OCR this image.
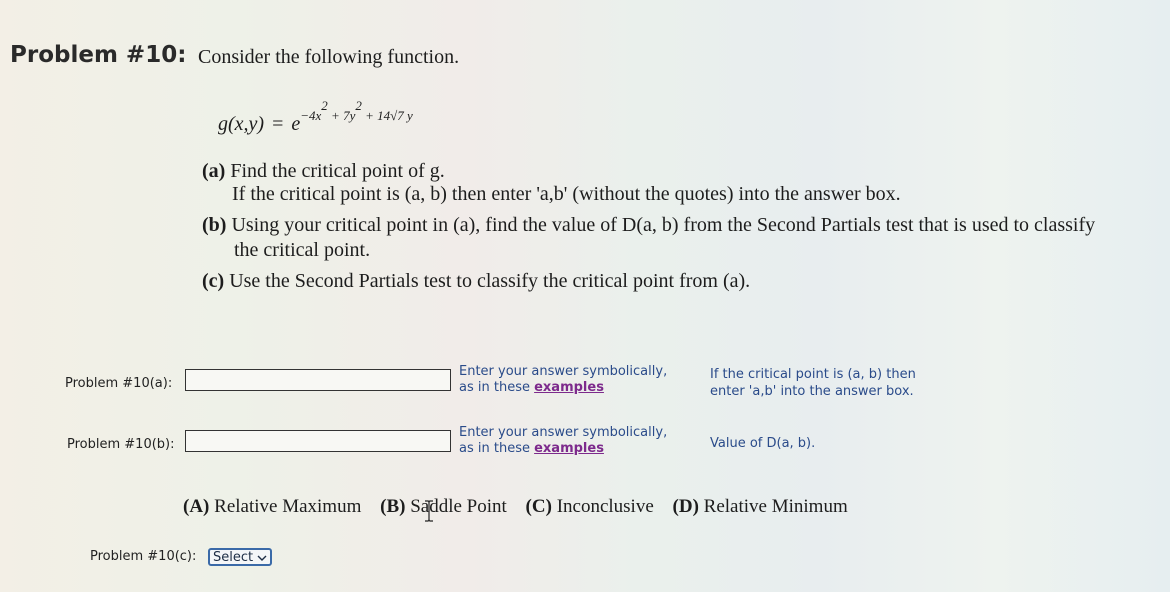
Problem #10: Consider the following function.
$g(x,y) = e^{-4x^2 + 7y^2 + 14√7 y}$
(a) Find the critical point of g.
If the critical point is (a, b) then enter 'a,b' (without the quotes) into the answer box.
(b) Using your critical point in (a), find the value of D(a, b) from the Second Partials test that is used to classify
the critical point.
(c) Use the Second Partials test to classify the critical point from (a).
Problem #10(a):
Enter your answer symbolically,
as in these examples
If the critical point is (a, b) then
enter 'a,b' into the answer box.
Problem #10(b):
Enter your answer symbolically,
as in these examples	Value of D(a, b).
(A) Relative Maximum (B) Saddle Point (C) Inconclusive (D) Relative Minimum
Problem #10(c):	Select
